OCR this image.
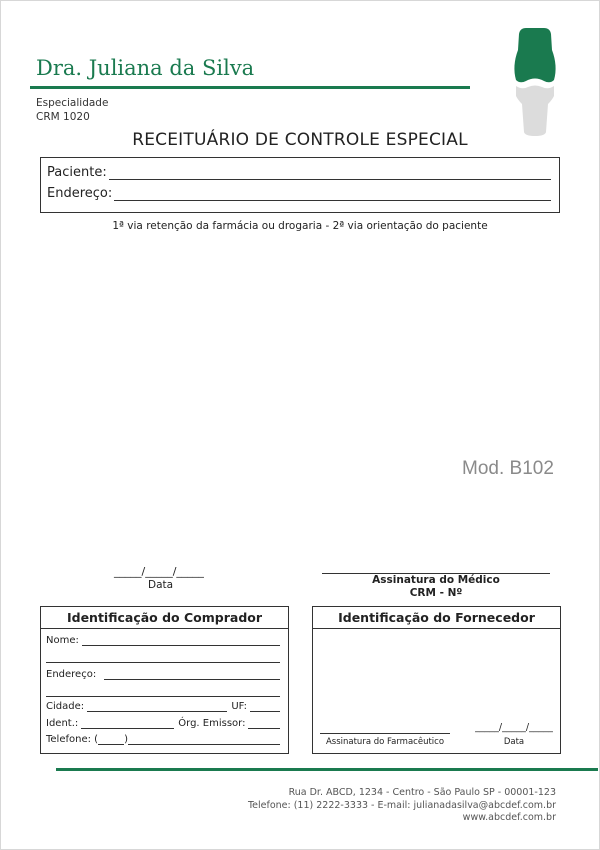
Dra. Juliana da Silva
Especialidade
CRM 1020
RECEITUÁRIO DE CONTROLE ESPECIAL
Paciente:
Endereço:
1ª via retenção da farmácia ou drogaria - 2ª via orientação do paciente
Mod. B102
_____/_____/_____
Data	Assinatura do Médico
CRM - Nº
Identificação do Comprador
Nome:
Endereço:
Cidade:	UF:
Ident.:	Órg. Emissor:
Telefone: (	)
Identificação do Fornecedor
Assinatura do Farmacêutico
_____/_____/_____
Data
Rua Dr. ABCD, 1234 - Centro - São Paulo SP - 00001-123
Telefone: (11) 2222-3333 - E-mail: julianadasilva@abcdef.com.br
www.abcdef.com.br
